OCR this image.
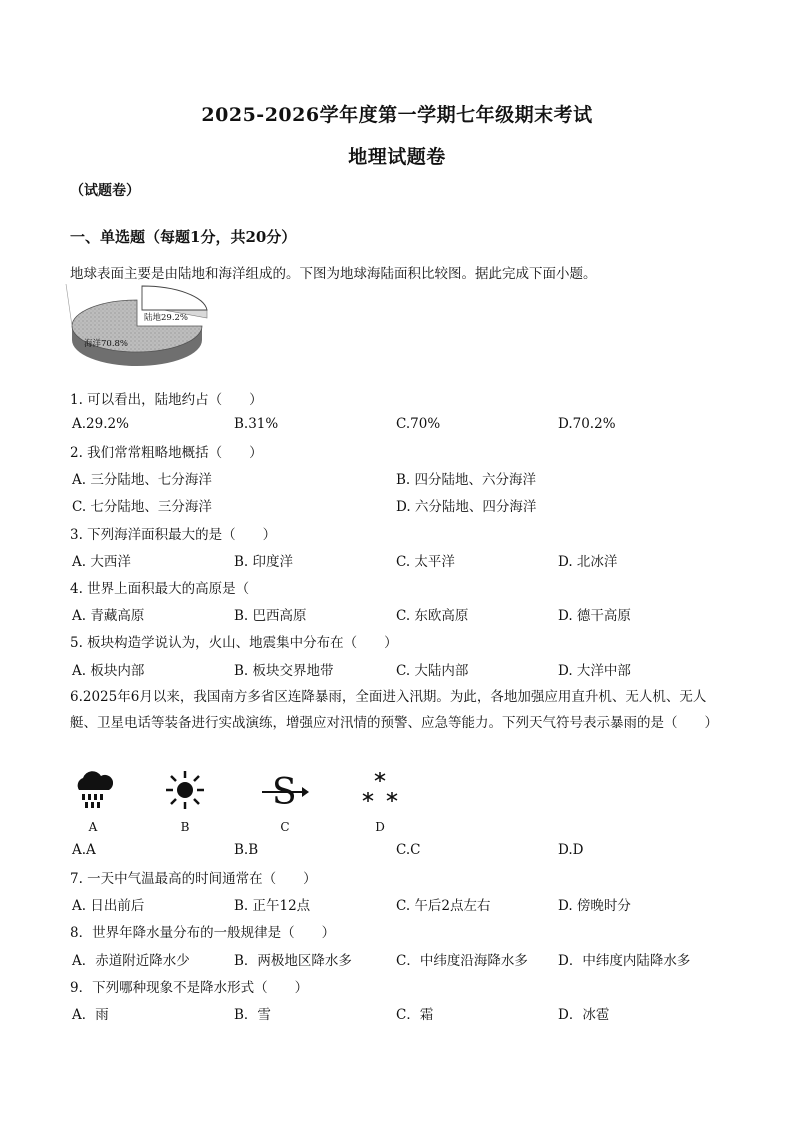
2025-2026学年度第一学期七年级期末考试
地理试题卷
（试题卷）
一、单选题（每题1分，共20分）
地球表面主要是由陆地和海洋组成的。下图为地球海陆面积比较图。据此完成下面小题。
陆地29.2%
海洋70.8%
1. 可以看出，陆地约占（　　）
A.29.2%	B.31%	C.70%	D.70.2%
2. 我们常常粗略地概括（　　）
A. 三分陆地、七分海洋	B. 四分陆地、六分海洋
C. 七分陆地、三分海洋	D. 六分陆地、四分海洋
3. 下列海洋面积最大的是（　　）
A. 大西洋	B. 印度洋	C. 太平洋	D. 北冰洋
4. 世界上面积最大的高原是（
A. 青藏高原	B. 巴西高原	C. 东欧高原	D. 德干高原
5. 板块构造学说认为，火山、地震集中分布在（　　）
A. 板块内部	B. 板块交界地带	C. 大陆内部	D. 大洋中部
6.2025年6月以来，我国南方多省区连降暴雨，全面进入汛期。为此，各地加强应用直升机、无人机、无人艇、卫星电话等装备进行实战演练，增强应对汛情的预警、应急等能力。下列天气符号表示暴雨的是（　　）
A	B
S
C	D
A.A	B.B	C.C	D.D
7. 一天中气温最高的时间通常在（　　）
A. 日出前后	B. 正午12点	C. 午后2点左右	D. 傍晚时分
8．世界年降水量分布的一般规律是（　　）
A．赤道附近降水少	B．两极地区降水多	C．中纬度沿海降水多 D．中纬度内陆降水多
9．下列哪种现象不是降水形式（　　）
A．雨	B．雪	C．霜	D．冰雹
